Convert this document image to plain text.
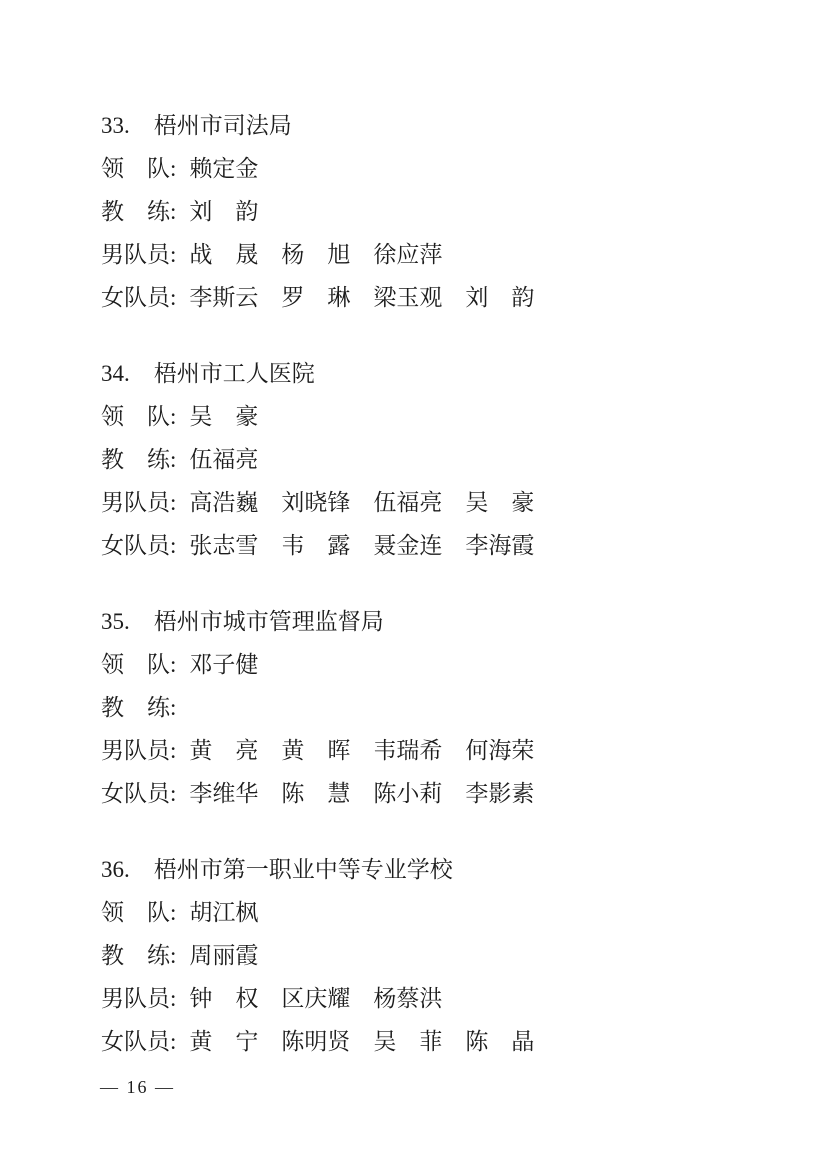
33. 梧州市司法局
领　队: 赖定金
教　练: 刘　韵
男队员: 战　晟　杨　旭　徐应萍
女队员: 李斯云　罗　琳　梁玉观　刘　韵
34. 梧州市工人医院
领　队: 吴　豪
教　练: 伍福亮
男队员: 高浩巍　刘晓锋　伍福亮　吴　豪
女队员: 张志雪　韦　露　聂金连　李海霞
35. 梧州市城市管理监督局
领　队: 邓子健
教　练:
男队员: 黄　亮　黄　晖　韦瑞希　何海荣
女队员: 李维华　陈　慧　陈小莉　李影素
36. 梧州市第一职业中等专业学校
领　队: 胡江枫
教　练: 周丽霞
男队员: 钟　权　区庆耀　杨蔡洪
女队员: 黄　宁　陈明贤　吴　菲　陈　晶
— 16 —
